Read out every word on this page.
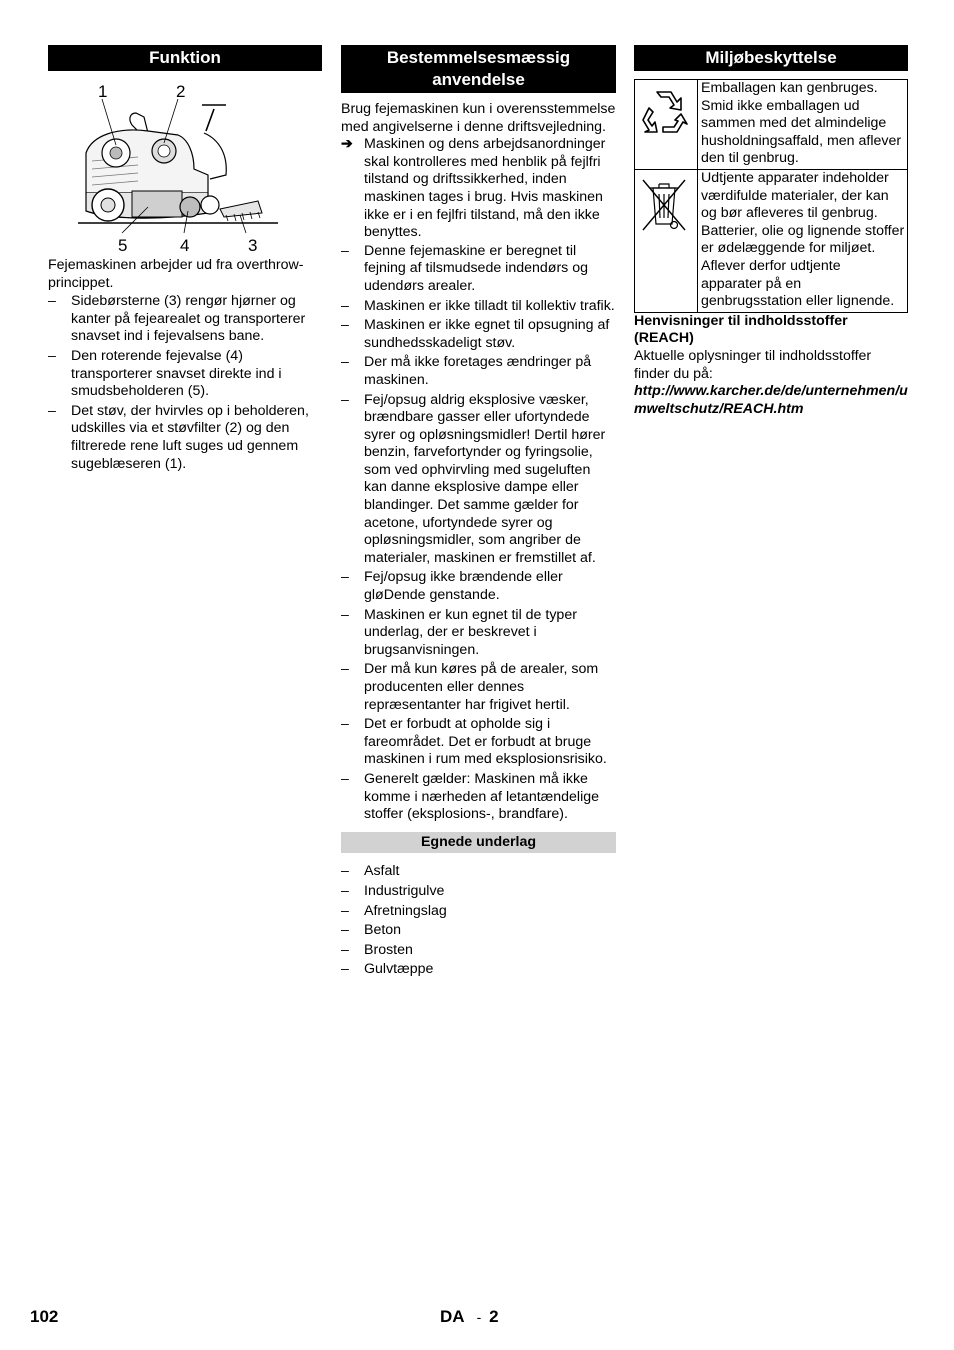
Funktion
1	2
5	4	3

Fejemaskinen arbejder ud fra overthrow-princippet.

–	Sidebørsterne (3) rengør hjørner og kanter på fejearealet og transporterer snavset ind i fejevalsens bane.
–	Den roterende fejevalse (4) transporterer snavset direkte ind i smudsbeholderen (5).
–	Det støv, der hvirvles op i beholderen, udskilles via et støvfilter (2) og den filtrerede rene luft suges ud gennem sugeblæseren (1).
Bestemmelsesmæssig anvendelse

Brug fejemaskinen kun i overensstemmelse med angivelserne i denne driftsvejledning.

➔ Maskinen og dens arbejdsanordninger skal kontrolleres med henblik på fejlfri tilstand og driftssikkerhed, inden maskinen tages i brug. Hvis maskinen ikke er i en fejlfri tilstand, må den ikke benyttes.
–	Denne fejemaskine er beregnet til fejning af tilsmudsede indendørs og udendørs arealer.
–	Maskinen er ikke tilladt til kollektiv trafik.
–	Maskinen er ikke egnet til opsugning af sundhedsskadeligt støv.
–	Der må ikke foretages ændringer på maskinen.
–	Fej/opsug aldrig eksplosive væsker, brændbare gasser eller ufortyndede syrer og opløsningsmidler! Dertil hører benzin, farvefortynder og fyringsolie, som ved ophvirvling med sugeluften kan danne eksplosive dampe eller blandinger. Det samme gælder for acetone, ufortyndede syrer og opløsningsmidler, som angriber de materialer, maskinen er fremstillet af.
–	Fej/opsug ikke brændende eller gløDende genstande.
–	Maskinen er kun egnet til de typer underlag, der er beskrevet i brugsanvisningen.
–	Der må kun køres på de arealer, som producenten eller dennes repræsentanter har frigivet hertil.
–	Det er forbudt at opholde sig i fareområdet. Det er forbudt at bruge maskinen i rum med eksplosionsrisiko.
–	Generelt gælder: Maskinen må ikke komme i nærheden af letantændelige stoffer (eksplosions-, brandfare).
Egnede underlag
–	Asfalt
–	Industrigulve
–	Afretningslag
–	Beton
–	Brosten
–	Gulvtæppe
Miljøbeskyttelse
	Emballagen kan genbruges. Smid ikke emballagen ud sammen med det almindelige husholdningsaffald, men aflever den til genbrug.
	Udtjente apparater indeholder værdifulde materialer, der kan og bør afleveres til genbrug. Batterier, olie og lignende stoffer er ødelæggende for miljøet. Aflever derfor udtjente apparater på en genbrugsstation eller lignende.

Henvisninger til indholdsstoffer (REACH)

Aktuelle oplysninger til indholdsstoffer finder du på:

http://www.karcher.de/de/unternehmen/umweltschutz/REACH.htm

102	DA - 2
